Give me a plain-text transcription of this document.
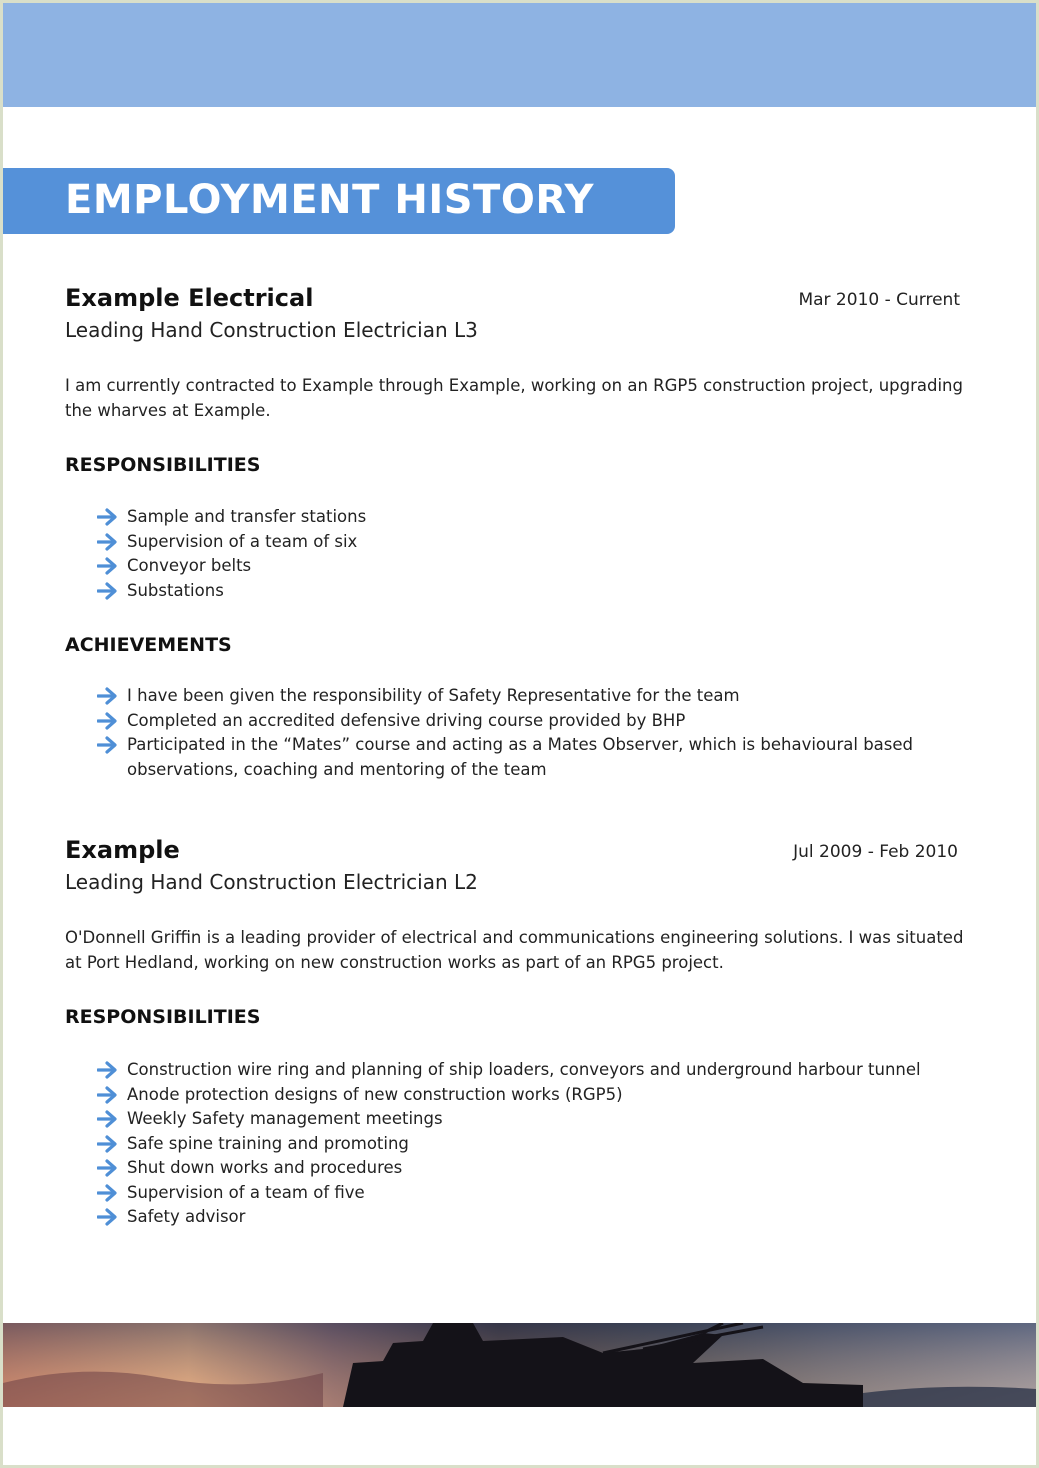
EMPLOYMENT HISTORY
Example Electrical	Mar 2010 - Current
Leading Hand Construction Electrician L3

I am currently contracted to Example through Example, working on an RGP5 construction project, upgrading the wharves at Example.

RESPONSIBILITIES
Sample and transfer stations
Supervision of a team of six
Conveyor belts
Substations
ACHIEVEMENTS
I have been given the responsibility of Safety Representative for the team
Completed an accredited defensive driving course provided by BHP
Participated in the “Mates” course and acting as a Mates Observer, which is behavioural based observations, coaching and mentoring of the team
Example	Jul 2009 - Feb 2010
Leading Hand Construction Electrician L2

O'Donnell Griffin is a leading provider of electrical and communications engineering solutions. I was situated at Port Hedland, working on new construction works as part of an RPG5 project.

RESPONSIBILITIES
Construction wire ring and planning of ship loaders, conveyors and underground harbour tunnel
Anode protection designs of new construction works (RGP5)
Weekly Safety management meetings
Safe spine training and promoting
Shut down works and procedures
Supervision of a team of five
Safety advisor
